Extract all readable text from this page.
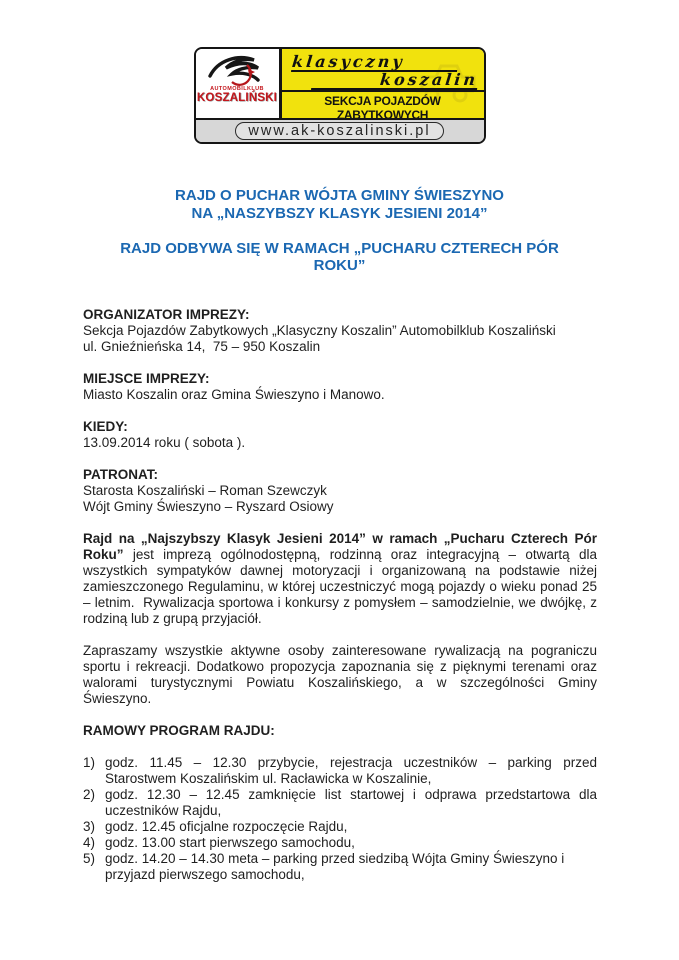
AUTOMOBILKLUB
KOSZALIŃSKI
klasyczny
koszalin
SEKCJA POJAZDÓW ZABYTKOWYCH
www.ak-koszalinski.pl
RAJD O PUCHAR WÓJTA GMINY ŚWIESZYNO
NA „NASZYBSZY KLASYK JESIENI 2014”
RAJD ODBYWA SIĘ W RAMACH „PUCHARU CZTERECH PÓR
ROKU”
ORGANIZATOR IMPREZY:
Sekcja Pojazdów Zabytkowych „Klasyczny Koszalin” Automobilklub Koszaliński
ul. Gnieźnieńska 14,  75 – 950 Koszalin
MIEJSCE IMPREZY:
Miasto Koszalin oraz Gmina Świeszyno i Manowo.
KIEDY:
13.09.2014 roku ( sobota ).
PATRONAT:
Starosta Koszaliński – Roman Szewczyk
Wójt Gminy Świeszyno – Ryszard Osiowy

Rajd na „Najszybszy Klasyk Jesieni 2014” w ramach „Pucharu Czterech Pór Roku” jest imprezą ogólnodostępną, rodzinną oraz integracyjną – otwartą dla wszystkich sympatyków dawnej motoryzacji i organizowaną na podstawie niżej zamieszczonego Regulaminu, w której uczestniczyć mogą pojazdy o wieku ponad 25 – letnim.  Rywalizacja sportowa i konkursy z pomysłem – samodzielnie, we dwójkę, z rodziną lub z grupą przyjaciół.

Zapraszamy wszystkie aktywne osoby zainteresowane rywalizacją na pograniczu sportu i rekreacji. Dodatkowo propozycja zapoznania się z pięknymi terenami oraz walorami turystycznymi Powiatu Koszalińskiego, a w szczególności Gminy Świeszyno.

RAMOWY PROGRAM RAJDU:
1) godz. 11.45 – 12.30 przybycie, rejestracja uczestników – parking przed Starostwem Koszalińskim ul. Racławicka w Koszalinie,
2) godz. 12.30 – 12.45 zamknięcie list startowej i odprawa przedstartowa dla uczestników Rajdu,
3) godz. 12.45 oficjalne rozpoczęcie Rajdu,
4) godz. 13.00 start pierwszego samochodu,
5) godz. 14.20 – 14.30 meta – parking przed siedzibą Wójta Gminy Świeszyno i przyjazd pierwszego samochodu,
